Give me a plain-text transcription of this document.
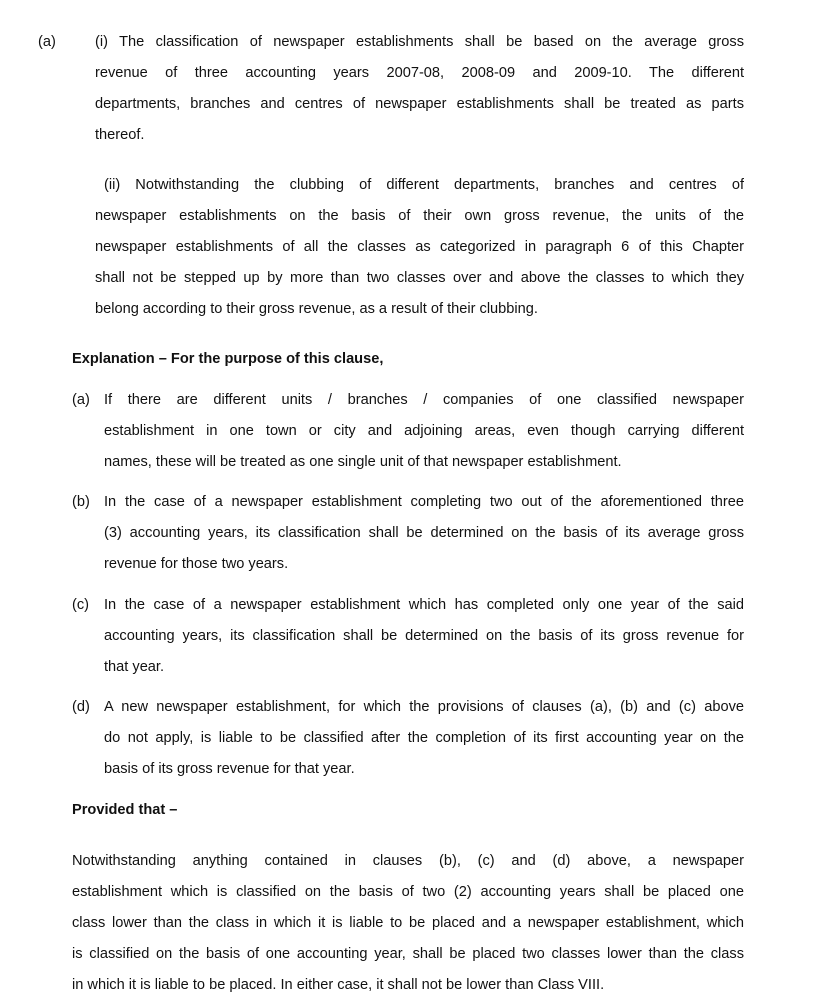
(a)	(i) The classification of newspaper establishments shall be based on the average gross
revenue of three accounting years 2007-08, 2008-09 and 2009-10. The different
departments, branches and centres of newspaper establishments shall be treated as parts
thereof.
(ii) Notwithstanding the clubbing of different departments, branches and centres of
newspaper establishments on the basis of their own gross revenue, the units of the
newspaper establishments of all the classes as categorized in paragraph 6 of this Chapter
shall not be stepped up by more than two classes over and above the classes to which they
belong according to their gross revenue, as a result of their clubbing.
Explanation – For the purpose of this clause,
(a) If there are different units / branches / companies of one classified newspaper
establishment in one town or city and adjoining areas, even though carrying different
names, these will be treated as one single unit of that newspaper establishment.
(b) In the case of a newspaper establishment completing two out of the aforementioned three
(3) accounting years, its classification shall be determined on the basis of its average gross
revenue for those two years.
(c) In the case of a newspaper establishment which has completed only one year of the said
accounting years, its classification shall be determined on the basis of its gross revenue for
that year.
(d) A new newspaper establishment, for which the provisions of clauses (a), (b) and (c) above
do not apply, is liable to be classified after the completion of its first accounting year on the
basis of its gross revenue for that year.
Provided that –
Notwithstanding anything contained in clauses (b), (c) and (d) above, a newspaper
establishment which is classified on the basis of two (2) accounting years shall be placed one
class lower than the class in which it is liable to be placed and a newspaper establishment, which
is classified on the basis of one accounting year, shall be placed two classes lower than the class
in which it is liable to be placed. In either case, it shall not be lower than Class VIII.
